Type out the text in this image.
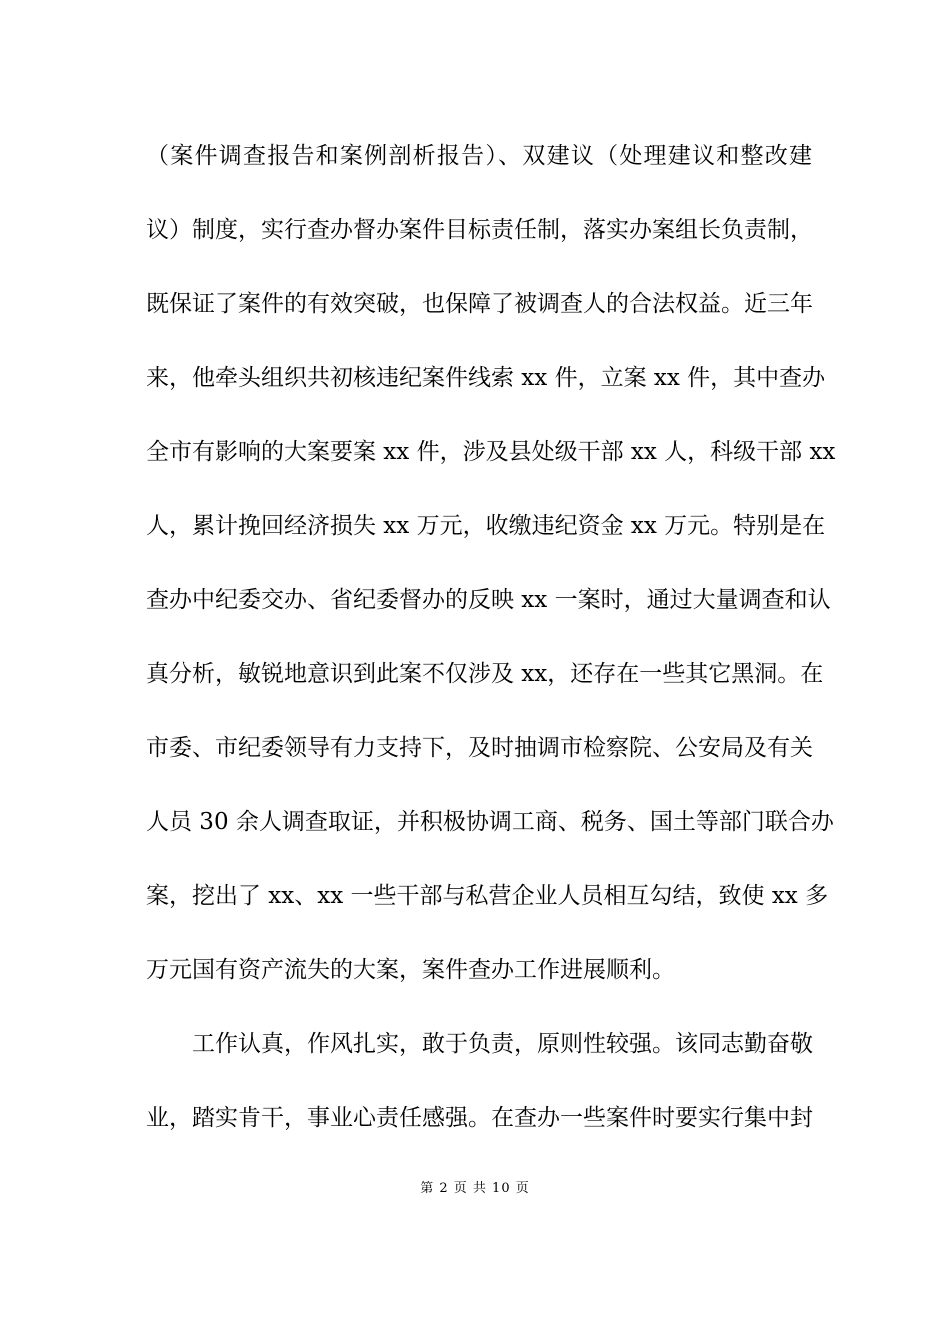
（案件调查报告和案例剖析报告）、双建议（处理建议和整改建
议）制度，实行查办督办案件目标责任制，落实办案组长负责制，
既保证了案件的有效突破，也保障了被调查人的合法权益。近三年
来，他牵头组织共初核违纪案件线索 xx 件，立案 xx 件，其中查办
全市有影响的大案要案 xx 件，涉及县处级干部 xx 人，科级干部 xx
人，累计挽回经济损失 xx 万元，收缴违纪资金 xx 万元。特别是在
查办中纪委交办、省纪委督办的反映 xx 一案时，通过大量调查和认
真分析，敏锐地意识到此案不仅涉及 xx，还存在一些其它黑洞。在
市委、市纪委领导有力支持下，及时抽调市检察院、公安局及有关
人员 30 余人调查取证，并积极协调工商、税务、国土等部门联合办
案，挖出了 xx、xx 一些干部与私营企业人员相互勾结，致使 xx 多
万元国有资产流失的大案，案件查办工作进展顺利。
工作认真，作风扎实，敢于负责，原则性较强。该同志勤奋敬
业，踏实肯干，事业心责任感强。在查办一些案件时要实行集中封
第 2 页 共 10 页
